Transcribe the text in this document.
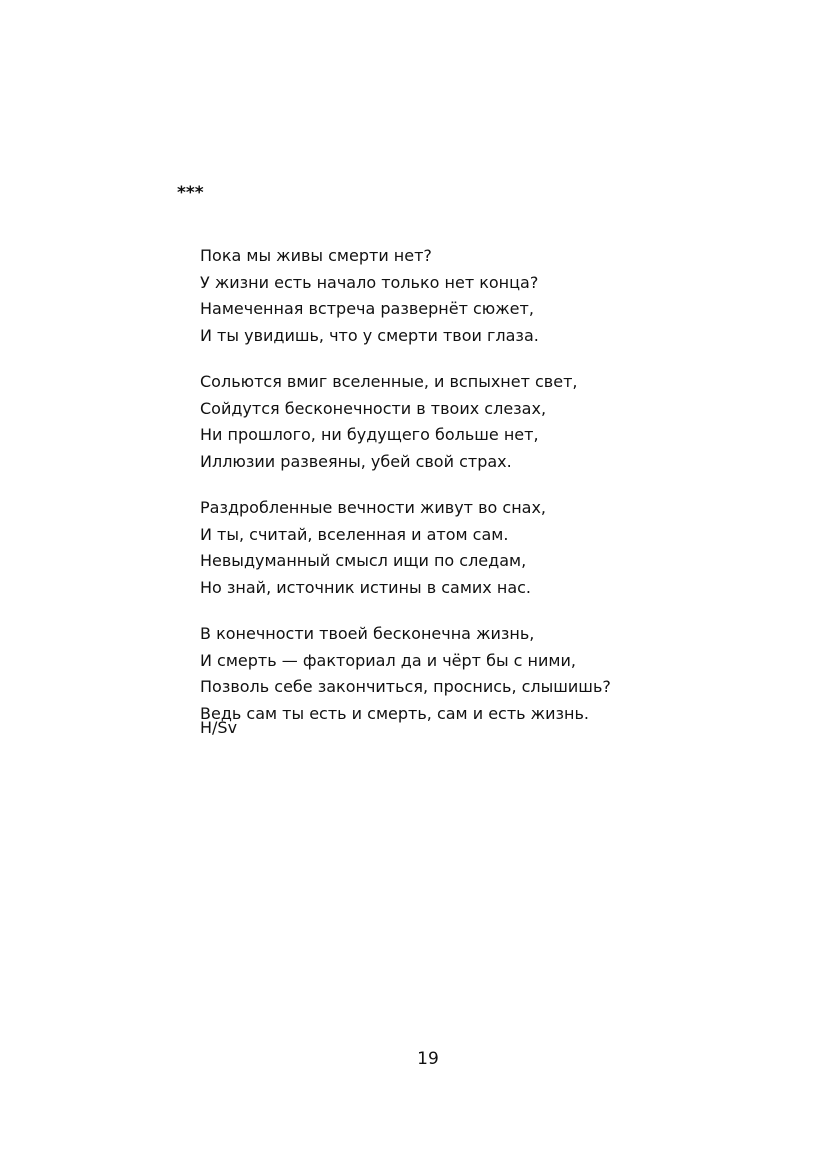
***
Пока мы живы смерти нет?
У жизни есть начало только нет конца?
Намеченная встреча развернёт сюжет,
И ты увидишь, что у смерти твои глаза.
Сольются вмиг вселенные, и вспыхнет свет,
Сойдутся бесконечности в твоих слезах,
Ни прошлого, ни будущего больше нет,
Иллюзии развеяны, убей свой страх.
Раздробленные вечности живут во снах,
И ты, считай, вселенная и атом сам.
Невыдуманный смысл ищи по следам,
Но знай, источник истины в самих нас.
В конечности твоей бесконечна жизнь,
И смерть — факториал да и чёрт бы с ними,
Позволь себе закончиться, проснись, слышишь?
Ведь сам ты есть и смерть, сам и есть жизнь.
H/Sv
19
